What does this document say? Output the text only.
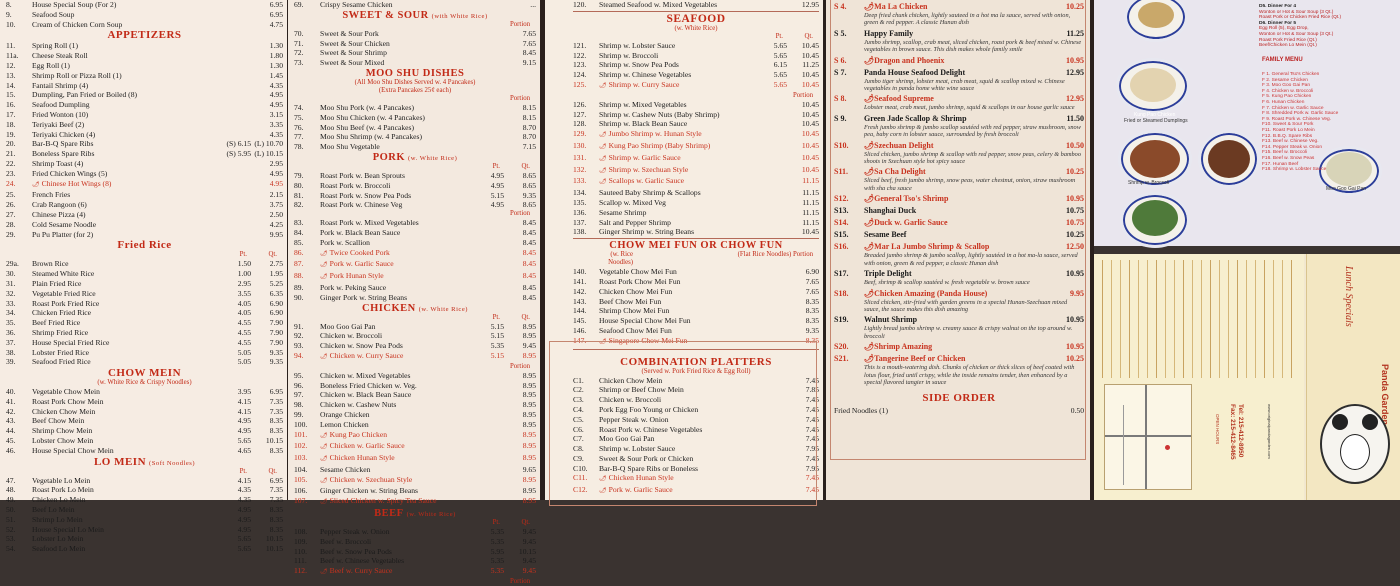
8.	House Special Soup (For 2)	6.95
9.	Seafood Soup	6.95
10.	Cream of Chicken Corn Soup	4.75
APPETIZERS
11.	Spring Roll (1)	1.30
11a.	Cheese Steak Roll	1.80
12.	Egg Roll (1)	1.30
13.	Shrimp Roll or Pizza Roll (1)	1.45
14.	Fantail Shrimp (4)	4.35
15.	Dumpling, Pan Fried or Boiled (8)	4.95
16.	Seafood Dumpling	4.95
17.	Fried Wonton (10)	3.15
18.	Teriyaki Beef (2)	3.35
19.	Teriyaki Chicken (4)	4.35
20.	Bar-B-Q Spare Ribs	(S) 6.15 (L) 10.70
21.	Boneless Spare Ribs	(S) 5.95 (L) 10.15
22.	Shrimp Toast (4)	2.95
23.	Fried Chicken Wings (5)	4.95
24.	🌶 Chinese Hot Wings (8)	4.95
25.	French Fries	2.15
26.	Crab Rangoon (6)	3.75
27.	Chinese Pizza (4)	2.50
28.	Cold Sesame Noodle	4.25
29.	Pu Pu Platter (for 2)	9.95
Fried Rice
Pt.	Qt.
29a.	Brown Rice	1.50	2.75
30.	Steamed White Rice	1.00	1.95
31.	Plain Fried Rice	2.95	5.25
32.	Vegetable Fried Rice	3.55	6.35
33.	Roast Pork Fried Rice	4.05	6.90
34.	Chicken Fried Rice	4.05	6.90
35.	Beef Fried Rice	4.55	7.90
36.	Shrimp Fried Rice	4.55	7.90
37.	House Special Fried Rice	4.55	7.90
38.	Lobster Fried Rice	5.05	9.35
39.	Seafood Fried Rice	5.05	9.35
CHOW MEIN
(w. White Rice & Crispy Noodles)
40.	Vegetable Chow Mein	3.95	6.95
41.	Roast Pork Chow Mein	4.15	7.35
42.	Chicken Chow Mein	4.15	7.35
43.	Beef Chow Mein	4.95	8.35
44.	Shrimp Chow Mein	4.95	8.35
45.	Lobster Chow Mein	5.65	10.15
46.	House Special Chow Mein	4.65	8.35
LO MEIN (Soft Noodles)
Pt.	Qt.
47.	Vegetable Lo Mein	4.15	6.95
48.	Roast Pork Lo Mein	4.35	7.35
49.	Chicken Lo Mein	4.35	7.35
50.	Beef Lo Mein	4.95	8.35
51.	Shrimp Lo Mein	4.95	8.35
52.	House Special Lo Mein	4.95	8.35
53.	Lobster Lo Mein	5.65	10.15
54.	Seafood Lo Mein	5.65	10.15
69.	Crispy Sesame Chicken	...
SWEET & SOUR (with White Rice)
Portion
70.	Sweet & Sour Pork	7.65
71.	Sweet & Sour Chicken	7.65
72.	Sweet & Sour Shrimp	8.45
73.	Sweet & Sour Mixed	9.15
MOO SHU DISHES
(All Moo Shu Dishes Served w. 4 Pancakes)
(Extra Pancakes 25¢ each)
Portion
74.	Moo Shu Pork (w. 4 Pancakes)	8.15
75.	Moo Shu Chicken (w. 4 Pancakes)	8.15
76.	Moo Shu Beef (w. 4 Pancakes)	8.70
77.	Moo Shu Shrimp (w. 4 Pancakes)	8.70
78.	Moo Shu Vegetable	7.15
PORK (w. White Rice)
Pt.	Qt.
79.	Roast Pork w. Bean Sprouts	4.95	8.65
80.	Roast Pork w. Broccoli	4.95	8.65
81.	Roast Pork w. Snow Pea Pods	5.15	9.35
82.	Roast Pork w. Chinese Veg	4.95	8.65
Portion
83.	Roast Pork w. Mixed Vegetables	8.45
84.	Pork w. Black Bean Sauce	8.45
85.	Pork w. Scallion	8.45
86.	🌶 Twice Cooked Pork	8.45
87.	🌶 Pork w. Garlic Sauce	8.45
88.	🌶 Pork Hunan Style	8.45
89.	Pork w. Peking Sauce	8.45
90.	Ginger Pork w. String Beans	8.45
CHICKEN (w. White Rice)
Pt.	Qt.
91.	Moo Goo Gai Pan	5.15	8.95
92.	Chicken w. Broccoli	5.15	8.95
93.	Chicken w. Snow Pea Pods	5.35	9.45
94.	🌶 Chicken w. Curry Sauce	5.15	8.95
Portion
95.	Chicken w. Mixed Vegetables	8.95
96.	Boneless Fried Chicken w. Veg.	8.95
97.	Chicken w. Black Bean Sauce	8.95
98.	Chicken w. Cashew Nuts	8.95
99.	Orange Chicken	8.95
100.	Lemon Chicken	8.95
101.	🌶 Kung Pao Chicken	8.95
102.	🌶 Chicken w. Garlic Sauce	8.95
103.	🌶 Chicken Hunan Style	8.95
104.	Sesame Chicken	9.65
105.	🌶 Chicken w. Szechuan Style	8.95
106.	Ginger Chicken w. String Beans	8.95
107.	🌶 Sliced Chicken w. Spicy Tea Sauce	8.95
BEEF (w. White Rice)
Pt.	Qt.
108.	Pepper Steak w. Onion	5.35	9.45
109.	Beef w. Broccoli	5.35	9.45
110.	Beef w. Snow Pea Pods	5.95	10.15
111.	Beef w. Chinese Vegetables	5.35	9.45
112.	🌶 Beef w. Curry Sauce	5.35	9.45
Portion
120.	Steamed Seafood w. Mixed Vegetables	12.95
SEAFOOD
(w. White Rice)
Pt.	Qt.
121.	Shrimp w. Lobster Sauce	5.65	10.45
122.	Shrimp w. Broccoli	5.65	10.45
123.	Shrimp w. Snow Pea Pods	6.15	11.25
124.	Shrimp w. Chinese Vegetables	5.65	10.45
125.	🌶 Shrimp w. Curry Sauce	5.65	10.45
Portion
126.	Shrimp w. Mixed Vegetables	10.45
127.	Shrimp w. Cashew Nuts (Baby Shrimp)	10.45
128.	Shrimp w. Black Bean Sauce	10.45
129.	🌶 Jumbo Shrimp w. Hunan Style	10.45
130.	🌶 Kung Pao Shrimp (Baby Shrimp)	10.45
131.	🌶 Shrimp w. Garlic Sauce	10.45
132.	🌶 Shrimp w. Szechuan Style	10.45
133.	🌶 Scallops w. Garlic Sauce	11.15
134.	Sauteed Baby Shrimp & Scallops	11.15
135.	Scallop w. Mixed Veg	11.15
136.	Sesame Shrimp	11.15
137.	Salt and Pepper Shrimp	11.15
138.	Ginger Shrimp w. String Beans	10.45
CHOW MEI FUN OR CHOW FUN
(w. Rice Noodles)
(Flat Rice Noodles) Portion
140.	Vegetable Chow Mei Fun	6.90
141.	Roast Pork Chow Mei Fun	7.65
142.	Chicken Chow Mei Fun	7.65
143.	Beef Chow Mei Fun	8.35
144.	Shrimp Chow Mei Fun	8.35
145.	House Special Chow Mei Fun	8.35
146.	Seafood Chow Mei Fun	9.35
147.	🌶 Singapore Chow Mei Fun	8.35
COMBINATION PLATTERS
(Served w. Pork Fried Rice & Egg Roll)
C1.	Chicken Chow Mein	7.45
C2.	Shrimp or Beef Chow Mein	7.85
C3.	Chicken w. Broccoli	7.45
C4.	Pork Egg Foo Young or Chicken	7.45
C5.	Pepper Steak w. Onion	7.45
C6.	Roast Pork w. Chinese Vegetables	7.45
C7.	Moo Goo Gai Pan	7.45
C8.	Shrimp w. Lobster Sauce	7.95
C9.	Sweet & Sour Pork or Chicken	7.45
C10.	Bar-B-Q Spare Ribs or Boneless	7.95
C11.	🌶 Chicken Hunan Style	7.45
C12.	🌶 Pork w. Garlic Sauce	7.45
S 4.	🌶Ma La Chicken	10.25
Deep fried chunk chicken, lightly sauteed in a hot ma la sauce, served with onion, green & red pepper. A classic Hunan dish
S 5.	Happy Family	11.25
Jumbo shrimp, scallop, crab meat, sliced chicken, roast pork & beef mixed w. Chinese vegetables in brown sauce. This dish makes whole family smile
S 6.	🌶Dragon and Phoenix	10.95
S 7.	Panda House Seafood Delight	12.95
Jumbo tiger shrimp, lobster meat, crab meat, squid & scallop mixed w. Chinese vegetables in panda home white wine sauce
S 8.	🌶Seafood Supreme	12.95
Lobster meat, crab meat, jumbo shrimp, squid & scallops in our house garlic sauce
S 9.	Green Jade Scallop & Shrimp	11.50
Fresh jumbo shrimp & jumbo scallop sautéed with red pepper, straw mushroom, snow pea, baby corn in lobster sauce, surrounded by fresh broccoli
S10.	🌶Szechuan Delight	10.50
Sliced chicken, jumbo shrimp & scallop with red pepper, snow peas, celery & bamboo shoots in Szechuan style hot spicy sauce
S11.	🌶Sa Cha Delight	10.25
Sliced beef, fresh jumbo shrimp, snow peas, water chestnut, onion, straw mushroom with sha cha sauce
S12.	🌶General Tso's Shrimp	10.95
S13.	Shanghai Duck	10.75
S14.	🌶Duck w. Garlic Sauce	10.75
S15.	Sesame Beef	10.25
S16.	🌶Mar La Jumbo Shrimp & Scallop	12.50
Breaded jumbo shrimp & jumbo scallop, lightly sautéed in a hot ma-la sauce, served with onion, green & red pepper, a classic Hunan dish
S17.	Triple Delight	10.95
Beef, shrimp & scallop sautéed w. fresh vegetable w. brown sauce
S18.	🌶Chicken Amazing (Panda House)	9.95
Sliced chicken, stir-fried with garden greens in a special Hunan-Szechuan mixed sauce, the sauce makes this dish amazing
S19.	Walnut Shrimp	10.95
Lightly bread jumbo shrimp w. creamy sauce & crispy walnut on the top around w. broccoli
S20.	🌶Shrimp Amazing	10.95
S21.	🌶Tangerine Beef or Chicken	10.25
This is a mouth-watering dish. Chunks of chicken or thick slices of beef coated with lotus flour, fried until crispy, while the inside remains tender, then enhanced by a special flavored tangier in sauce
SIDE ORDER
Fried Noodles (1)	0.50
Fried or Steamed Dumplings
Kung Pao Chicken
Shrimp w. Broccoli
Moo Goo Gai Pan
D5. Dinner For 4
Wonton or Hot & Sour Soup (3 Qt.)
Roast Pork or Chicken Fried Rice (Qt.)
D6. Dinner For 5
Egg Roll (5), Egg Drop,
Wonton or Hot & Sour Soup (3 Qt.)
Roast Pork Fried Rice (Qt.)
Beef/Chicken Lo Mein (Qt.)
FAMILY MENU
F 1. General Tso's Chicken
F 2. Sesame Chicken
F 3. Moo Goo Gai Pan
F 4. Chicken w. Broccoli
F 5. Kung Pao Chicken
F 6. Hunan Chicken
F 7. Chicken w. Garlic Sauce
F 8. Shredded Pork w. Garlic Sauce
F 9. Roast Pork w. Chinese Veg.
F10. Sweet & Sour Pork
F11. Roast Pork Lo Mein
F12. B.B.Q. Spare Ribs
F13. Beef w. Chinese Veg.
F14. Pepper Steak w. Onion
F15. Beef w. Broccoli
F16. Beef w. Snow Peas
F17. Hunan Beef
F18. Shrimp w. Lobster Sauce
Lunch Specials
Panda Garden
Tel: 215-412-8950
Fax: 215-412-8465	www.originalpandagarden.com
OPEN HOURS
